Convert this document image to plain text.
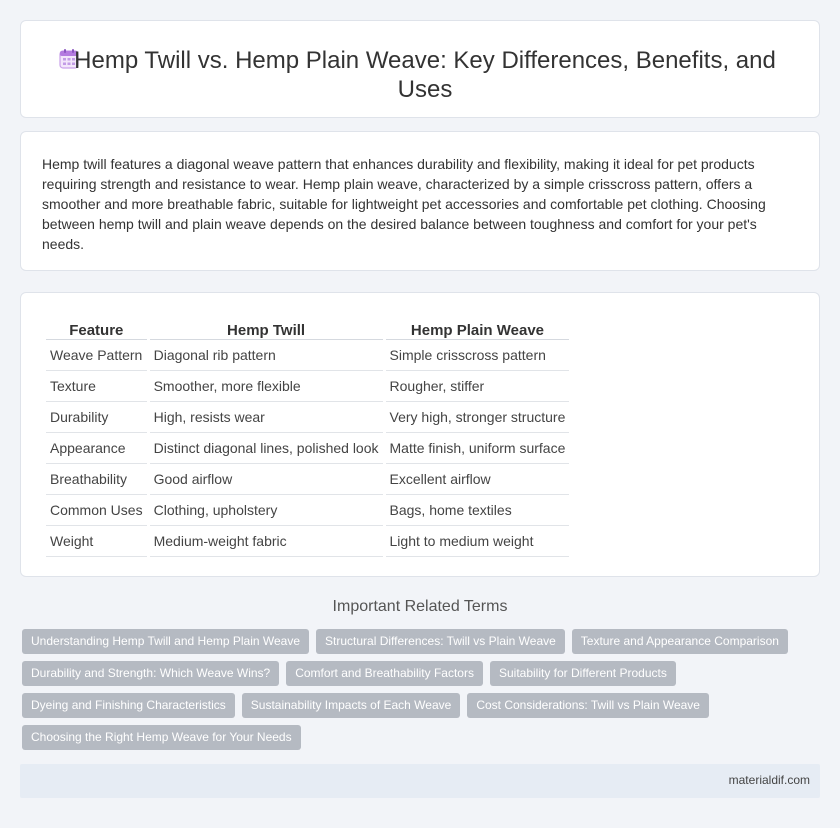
Hemp Twill vs. Hemp Plain Weave: Key Differences, Benefits, and Uses

Hemp twill features a diagonal weave pattern that enhances durability and flexibility, making it ideal for pet products requiring strength and resistance to wear. Hemp plain weave, characterized by a simple crisscross pattern, offers a smoother and more breathable fabric, suitable for lightweight pet accessories and comfortable pet clothing. Choosing between hemp twill and plain weave depends on the desired balance between toughness and comfort for your pet's needs.

Feature	Hemp Twill	Hemp Plain Weave
Weave Pattern	Diagonal rib pattern	Simple crisscross pattern
Texture	Smoother, more flexible	Rougher, stiffer
Durability	High, resists wear	Very high, stronger structure
Appearance	Distinct diagonal lines, polished look	Matte finish, uniform surface
Breathability	Good airflow	Excellent airflow
Common Uses	Clothing, upholstery	Bags, home textiles
Weight	Medium-weight fabric	Light to medium weight
Important Related Terms
Understanding Hemp Twill and Hemp Plain Weave	Structural Differences: Twill vs Plain Weave	Texture and Appearance Comparison
Durability and Strength: Which Weave Wins?	Comfort and Breathability Factors	Suitability for Different Products
Dyeing and Finishing Characteristics	Sustainability Impacts of Each Weave	Cost Considerations: Twill vs Plain Weave
Choosing the Right Hemp Weave for Your Needs
materialdif.com
